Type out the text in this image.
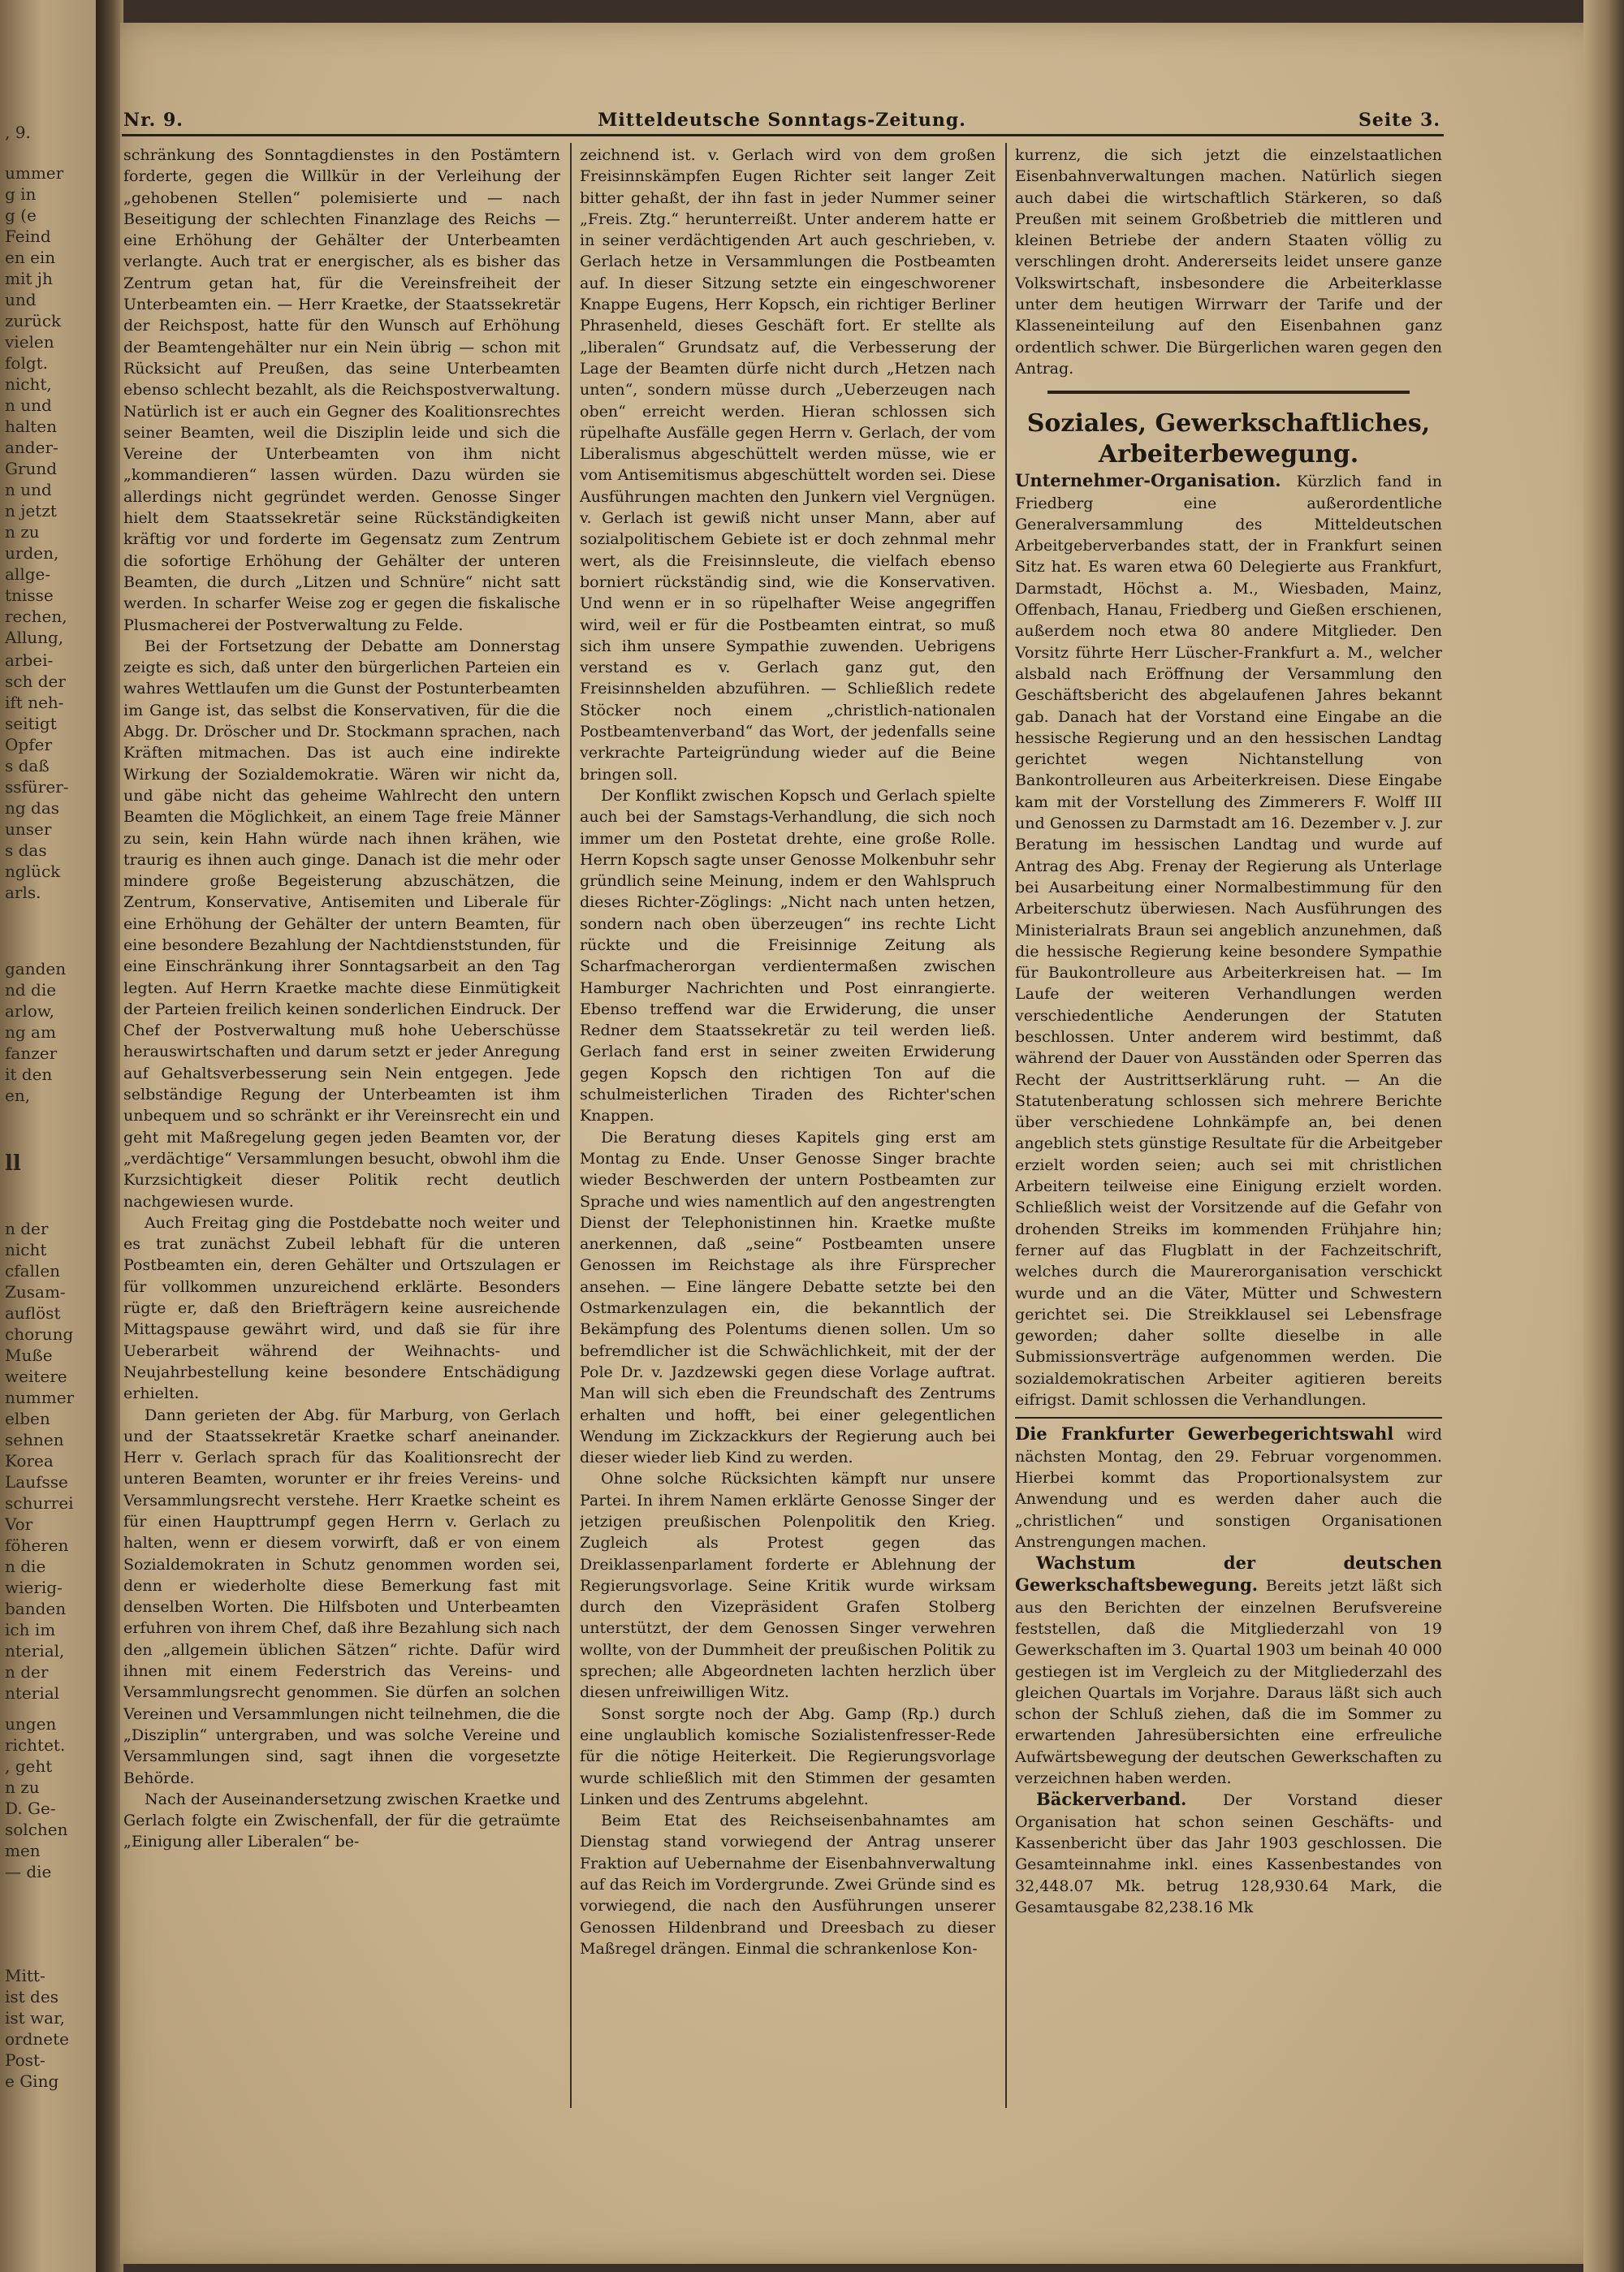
, 9.
ummer
g in
g (e
Feind
en ein
mit jh
und
zurück
vielen
folgt.
nicht,
n und
halten
ander-
Grund
n und
n jetzt
n zu
urden,
allge-
tnisse
rechen,
Allung,
arbei-
sch der
ift neh-
seitigt
Opfer
s daß
ssfürer-
ng das
unser
s das
nglück
arls.
ganden
nd die
arlow,
ng am
fanzer
it den
en,
ll
n der
nicht
cfallen
Zusam-
auflöst
chorung
Muße
weitere
nummer
elben
sehnen
Korea
Laufsse
schurrei
Vor
föheren
n die
wierig-
banden
ich im
nterial,
n der
nterial
ungen
richtet.
, geht
n zu
D. Ge-
solchen
men
— die
Mitt-
ist des
ist war,
ordnete
Post-
e Ging
Nr. 9.	Mitteldeutsche Sonntags-Zeitung.	Seite 3.

schränkung des Sonntagdienstes in den Postämtern forderte, gegen die Willkür in der Verleihung der „gehobenen Stellen“ polemisierte und — nach Beseitigung der schlechten Finanzlage des Reichs — eine Erhöhung der Gehälter der Unterbeamten verlangte. Auch trat er energischer, als es bisher das Zentrum getan hat, für die Vereinsfreiheit der Unterbeamten ein. — Herr Kraetke, der Staatssekretär der Reichspost, hatte für den Wunsch auf Erhöhung der Beamtengehälter nur ein Nein übrig — schon mit Rücksicht auf Preußen, das seine Unterbeamten ebenso schlecht bezahlt, als die Reichspostverwaltung. Natürlich ist er auch ein Gegner des Koalitionsrechtes seiner Beamten, weil die Disziplin leide und sich die Vereine der Unterbeamten von ihm nicht „kommandieren“ lassen würden. Dazu würden sie allerdings nicht gegründet werden. Genosse Singer hielt dem Staatssekretär seine Rückständigkeiten kräftig vor und forderte im Gegensatz zum Zentrum die sofortige Erhöhung der Gehälter der unteren Beamten, die durch „Litzen und Schnüre“ nicht satt werden. In scharfer Weise zog er gegen die fiskalische Plusmacherei der Postverwaltung zu Felde.

Bei der Fortsetzung der Debatte am Donnerstag zeigte es sich, daß unter den bürgerlichen Parteien ein wahres Wettlaufen um die Gunst der Postunterbeamten im Gange ist, das selbst die Konservativen, für die die Abgg. Dr. Dröscher und Dr. Stockmann sprachen, nach Kräften mitmachen. Das ist auch eine indirekte Wirkung der Sozialdemokratie. Wären wir nicht da, und gäbe nicht das geheime Wahlrecht den untern Beamten die Möglichkeit, an einem Tage freie Männer zu sein, kein Hahn würde nach ihnen krähen, wie traurig es ihnen auch ginge. Danach ist die mehr oder mindere große Begeisterung abzuschätzen, die Zentrum, Konservative, Antisemiten und Liberale für eine Erhöhung der Gehälter der untern Beamten, für eine besondere Bezahlung der Nachtdienststunden, für eine Einschränkung ihrer Sonntagsarbeit an den Tag legten. Auf Herrn Kraetke machte diese Einmütigkeit der Parteien freilich keinen sonderlichen Eindruck. Der Chef der Postverwaltung muß hohe Ueberschüsse herauswirtschaften und darum setzt er jeder Anregung auf Gehaltsverbesserung sein Nein entgegen. Jede selbständige Regung der Unterbeamten ist ihm unbequem und so schränkt er ihr Vereinsrecht ein und geht mit Maßregelung gegen jeden Beamten vor, der „verdächtige“ Versammlungen besucht, obwohl ihm die Kurzsichtigkeit dieser Politik recht deutlich nachgewiesen wurde.

Auch Freitag ging die Postdebatte noch weiter und es trat zunächst Zubeil lebhaft für die unteren Postbeamten ein, deren Gehälter und Ortszulagen er für vollkommen unzureichend erklärte. Besonders rügte er, daß den Briefträgern keine ausreichende Mittagspause gewährt wird, und daß sie für ihre Ueberarbeit während der Weihnachts- und Neujahrbestellung keine besondere Entschädigung erhielten.

Dann gerieten der Abg. für Marburg, von Gerlach und der Staatssekretär Kraetke scharf aneinander. Herr v. Gerlach sprach für das Koalitionsrecht der unteren Beamten, worunter er ihr freies Vereins- und Versammlungsrecht verstehe. Herr Kraetke scheint es für einen Haupttrumpf gegen Herrn v. Gerlach zu halten, wenn er diesem vorwirft, daß er von einem Sozialdemokraten in Schutz genommen worden sei, denn er wiederholte diese Bemerkung fast mit denselben Worten. Die Hilfsboten und Unterbeamten erfuhren von ihrem Chef, daß ihre Bezahlung sich nach den „allgemein üblichen Sätzen“ richte. Dafür wird ihnen mit einem Federstrich das Vereins- und Versammlungsrecht genommen. Sie dürfen an solchen Vereinen und Versammlungen nicht teilnehmen, die die „Disziplin“ untergraben, und was solche Vereine und Versammlungen sind, sagt ihnen die vorgesetzte Behörde.

Nach der Auseinandersetzung zwischen Kraetke und Gerlach folgte ein Zwischenfall, der für die getraümte „Einigung aller Liberalen“ be-

zeichnend ist. v. Gerlach wird von dem großen Freisinnskämpfen Eugen Richter seit langer Zeit bitter gehaßt, der ihn fast in jeder Nummer seiner „Freis. Ztg.“ herunterreißt. Unter anderem hatte er in seiner verdächtigenden Art auch geschrieben, v. Gerlach hetze in Versammlungen die Postbeamten auf. In dieser Sitzung setzte ein eingeschworener Knappe Eugens, Herr Kopsch, ein richtiger Berliner Phrasenheld, dieses Geschäft fort. Er stellte als „liberalen“ Grundsatz auf, die Verbesserung der Lage der Beamten dürfe nicht durch „Hetzen nach unten“, sondern müsse durch „Ueberzeugen nach oben“ erreicht werden. Hieran schlossen sich rüpelhafte Ausfälle gegen Herrn v. Gerlach, der vom Liberalismus abgeschüttelt werden müsse, wie er vom Antisemitismus abgeschüttelt worden sei. Diese Ausführungen machten den Junkern viel Vergnügen. v. Gerlach ist gewiß nicht unser Mann, aber auf sozialpolitischem Gebiete ist er doch zehnmal mehr wert, als die Freisinnsleute, die vielfach ebenso borniert rückständig sind, wie die Konservativen. Und wenn er in so rüpelhafter Weise angegriffen wird, weil er für die Postbeamten eintrat, so muß sich ihm unsere Sympathie zuwenden. Uebrigens verstand es v. Gerlach ganz gut, den Freisinnshelden abzuführen. — Schließlich redete Stöcker noch einem „christlich-nationalen Postbeamtenverband“ das Wort, der jedenfalls seine verkrachte Parteigründung wieder auf die Beine bringen soll.

Der Konflikt zwischen Kopsch und Gerlach spielte auch bei der Samstags-Verhandlung, die sich noch immer um den Postetat drehte, eine große Rolle. Herrn Kopsch sagte unser Genosse Molkenbuhr sehr gründlich seine Meinung, indem er den Wahlspruch dieses Richter-Zöglings: „Nicht nach unten hetzen, sondern nach oben überzeugen“ ins rechte Licht rückte und die Freisinnige Zeitung als Scharfmacherorgan verdientermaßen zwischen Hamburger Nachrichten und Post einrangierte. Ebenso treffend war die Erwiderung, die unser Redner dem Staatssekretär zu teil werden ließ. Gerlach fand erst in seiner zweiten Erwiderung gegen Kopsch den richtigen Ton auf die schulmeisterlichen Tiraden des Richter'schen Knappen.

Die Beratung dieses Kapitels ging erst am Montag zu Ende. Unser Genosse Singer brachte wieder Beschwerden der untern Postbeamten zur Sprache und wies namentlich auf den angestrengten Dienst der Telephonistinnen hin. Kraetke mußte anerkennen, daß „seine“ Postbeamten unsere Genossen im Reichstage als ihre Fürsprecher ansehen. — Eine längere Debatte setzte bei den Ostmarkenzulagen ein, die bekanntlich der Bekämpfung des Polentums dienen sollen. Um so befremdlicher ist die Schwächlichkeit, mit der der Pole Dr. v. Jazdzewski gegen diese Vorlage auftrat. Man will sich eben die Freundschaft des Zentrums erhalten und hofft, bei einer gelegentlichen Wendung im Zickzackkurs der Regierung auch bei dieser wieder lieb Kind zu werden.

Ohne solche Rücksichten kämpft nur unsere Partei. In ihrem Namen erklärte Genosse Singer der jetzigen preußischen Polenpolitik den Krieg. Zugleich als Protest gegen das Dreiklassenparlament forderte er Ablehnung der Regierungsvorlage. Seine Kritik wurde wirksam durch den Vizepräsident Grafen Stolberg unterstützt, der dem Genossen Singer verwehren wollte, von der Dummheit der preußischen Politik zu sprechen; alle Abgeordneten lachten herzlich über diesen unfreiwilligen Witz.

Sonst sorgte noch der Abg. Gamp (Rp.) durch eine unglaublich komische Sozialistenfresser-Rede für die nötige Heiterkeit. Die Regierungsvorlage wurde schließlich mit den Stimmen der gesamten Linken und des Zentrums abgelehnt.

Beim Etat des Reichseisenbahnamtes am Dienstag stand vorwiegend der Antrag unserer Fraktion auf Uebernahme der Eisenbahnverwaltung auf das Reich im Vordergrunde. Zwei Gründe sind es vorwiegend, die nach den Ausführungen unserer Genossen Hildenbrand und Dreesbach zu dieser Maßregel drängen. Einmal die schrankenlose Kon-

kurrenz, die sich jetzt die einzelstaatlichen Eisenbahnverwaltungen machen. Natürlich siegen auch dabei die wirtschaftlich Stärkeren, so daß Preußen mit seinem Großbetrieb die mittleren und kleinen Betriebe der andern Staaten völlig zu verschlingen droht. Andererseits leidet unsere ganze Volkswirtschaft, insbesondere die Arbeiterklasse unter dem heutigen Wirrwarr der Tarife und der Klasseneinteilung auf den Eisenbahnen ganz ordentlich schwer. Die Bürgerlichen waren gegen den Antrag.

Soziales, Gewerkschaftliches, Arbeiterbewegung.

Unternehmer-Organisation. Kürzlich fand in Friedberg eine außerordentliche Generalversammlung des Mitteldeutschen Arbeitgeberverbandes statt, der in Frankfurt seinen Sitz hat. Es waren etwa 60 Delegierte aus Frankfurt, Darmstadt, Höchst a. M., Wiesbaden, Mainz, Offenbach, Hanau, Friedberg und Gießen erschienen, außerdem noch etwa 80 andere Mitglieder. Den Vorsitz führte Herr Lüscher-Frankfurt a. M., welcher alsbald nach Eröffnung der Versammlung den Geschäftsbericht des abgelaufenen Jahres bekannt gab. Danach hat der Vorstand eine Eingabe an die hessische Regierung und an den hessischen Landtag gerichtet wegen Nichtanstellung von Bankontrolleuren aus Arbeiterkreisen. Diese Eingabe kam mit der Vorstellung des Zimmerers F. Wolff III und Genossen zu Darmstadt am 16. Dezember v. J. zur Beratung im hessischen Landtag und wurde auf Antrag des Abg. Frenay der Regierung als Unterlage bei Ausarbeitung einer Normalbestimmung für den Arbeiterschutz überwiesen. Nach Ausführungen des Ministerialrats Braun sei angeblich anzunehmen, daß die hessische Regierung keine besondere Sympathie für Baukontrolleure aus Arbeiterkreisen hat. — Im Laufe der weiteren Verhandlungen werden verschiedentliche Aenderungen der Statuten beschlossen. Unter anderem wird bestimmt, daß während der Dauer von Ausständen oder Sperren das Recht der Austrittserklärung ruht. — An die Statutenberatung schlossen sich mehrere Berichte über verschiedene Lohnkämpfe an, bei denen angeblich stets günstige Resultate für die Arbeitgeber erzielt worden seien; auch sei mit christlichen Arbeitern teilweise eine Einigung erzielt worden. Schließlich weist der Vorsitzende auf die Gefahr von drohenden Streiks im kommenden Frühjahre hin; ferner auf das Flugblatt in der Fachzeitschrift, welches durch die Maurerorganisation verschickt wurde und an die Väter, Mütter und Schwestern gerichtet sei. Die Streikklausel sei Lebensfrage geworden; daher sollte dieselbe in alle Submissionsverträge aufgenommen werden. Die sozialdemokratischen Arbeiter agitieren bereits eifrigst. Damit schlossen die Verhandlungen.

Die Frankfurter Gewerbegerichtswahl wird nächsten Montag, den 29. Februar vorgenommen. Hierbei kommt das Proportionalsystem zur Anwendung und es werden daher auch die „christlichen“ und sonstigen Organisationen Anstrengungen machen.

Wachstum der deutschen Gewerkschaftsbewegung. Bereits jetzt läßt sich aus den Berichten der einzelnen Berufsvereine feststellen, daß die Mitgliederzahl von 19 Gewerkschaften im 3. Quartal 1903 um beinah 40 000 gestiegen ist im Vergleich zu der Mitgliederzahl des gleichen Quartals im Vorjahre. Daraus läßt sich auch schon der Schluß ziehen, daß die im Sommer zu erwartenden Jahresübersichten eine erfreuliche Aufwärtsbewegung der deutschen Gewerkschaften zu verzeichnen haben werden.

Bäckerverband. Der Vorstand dieser Organisation hat schon seinen Geschäfts- und Kassenbericht über das Jahr 1903 geschlossen. Die Gesamteinnahme inkl. eines Kassenbestandes von 32,448.07 Mk. betrug 128,930.64 Mark, die Gesamtausgabe 82,238.16 Mk
